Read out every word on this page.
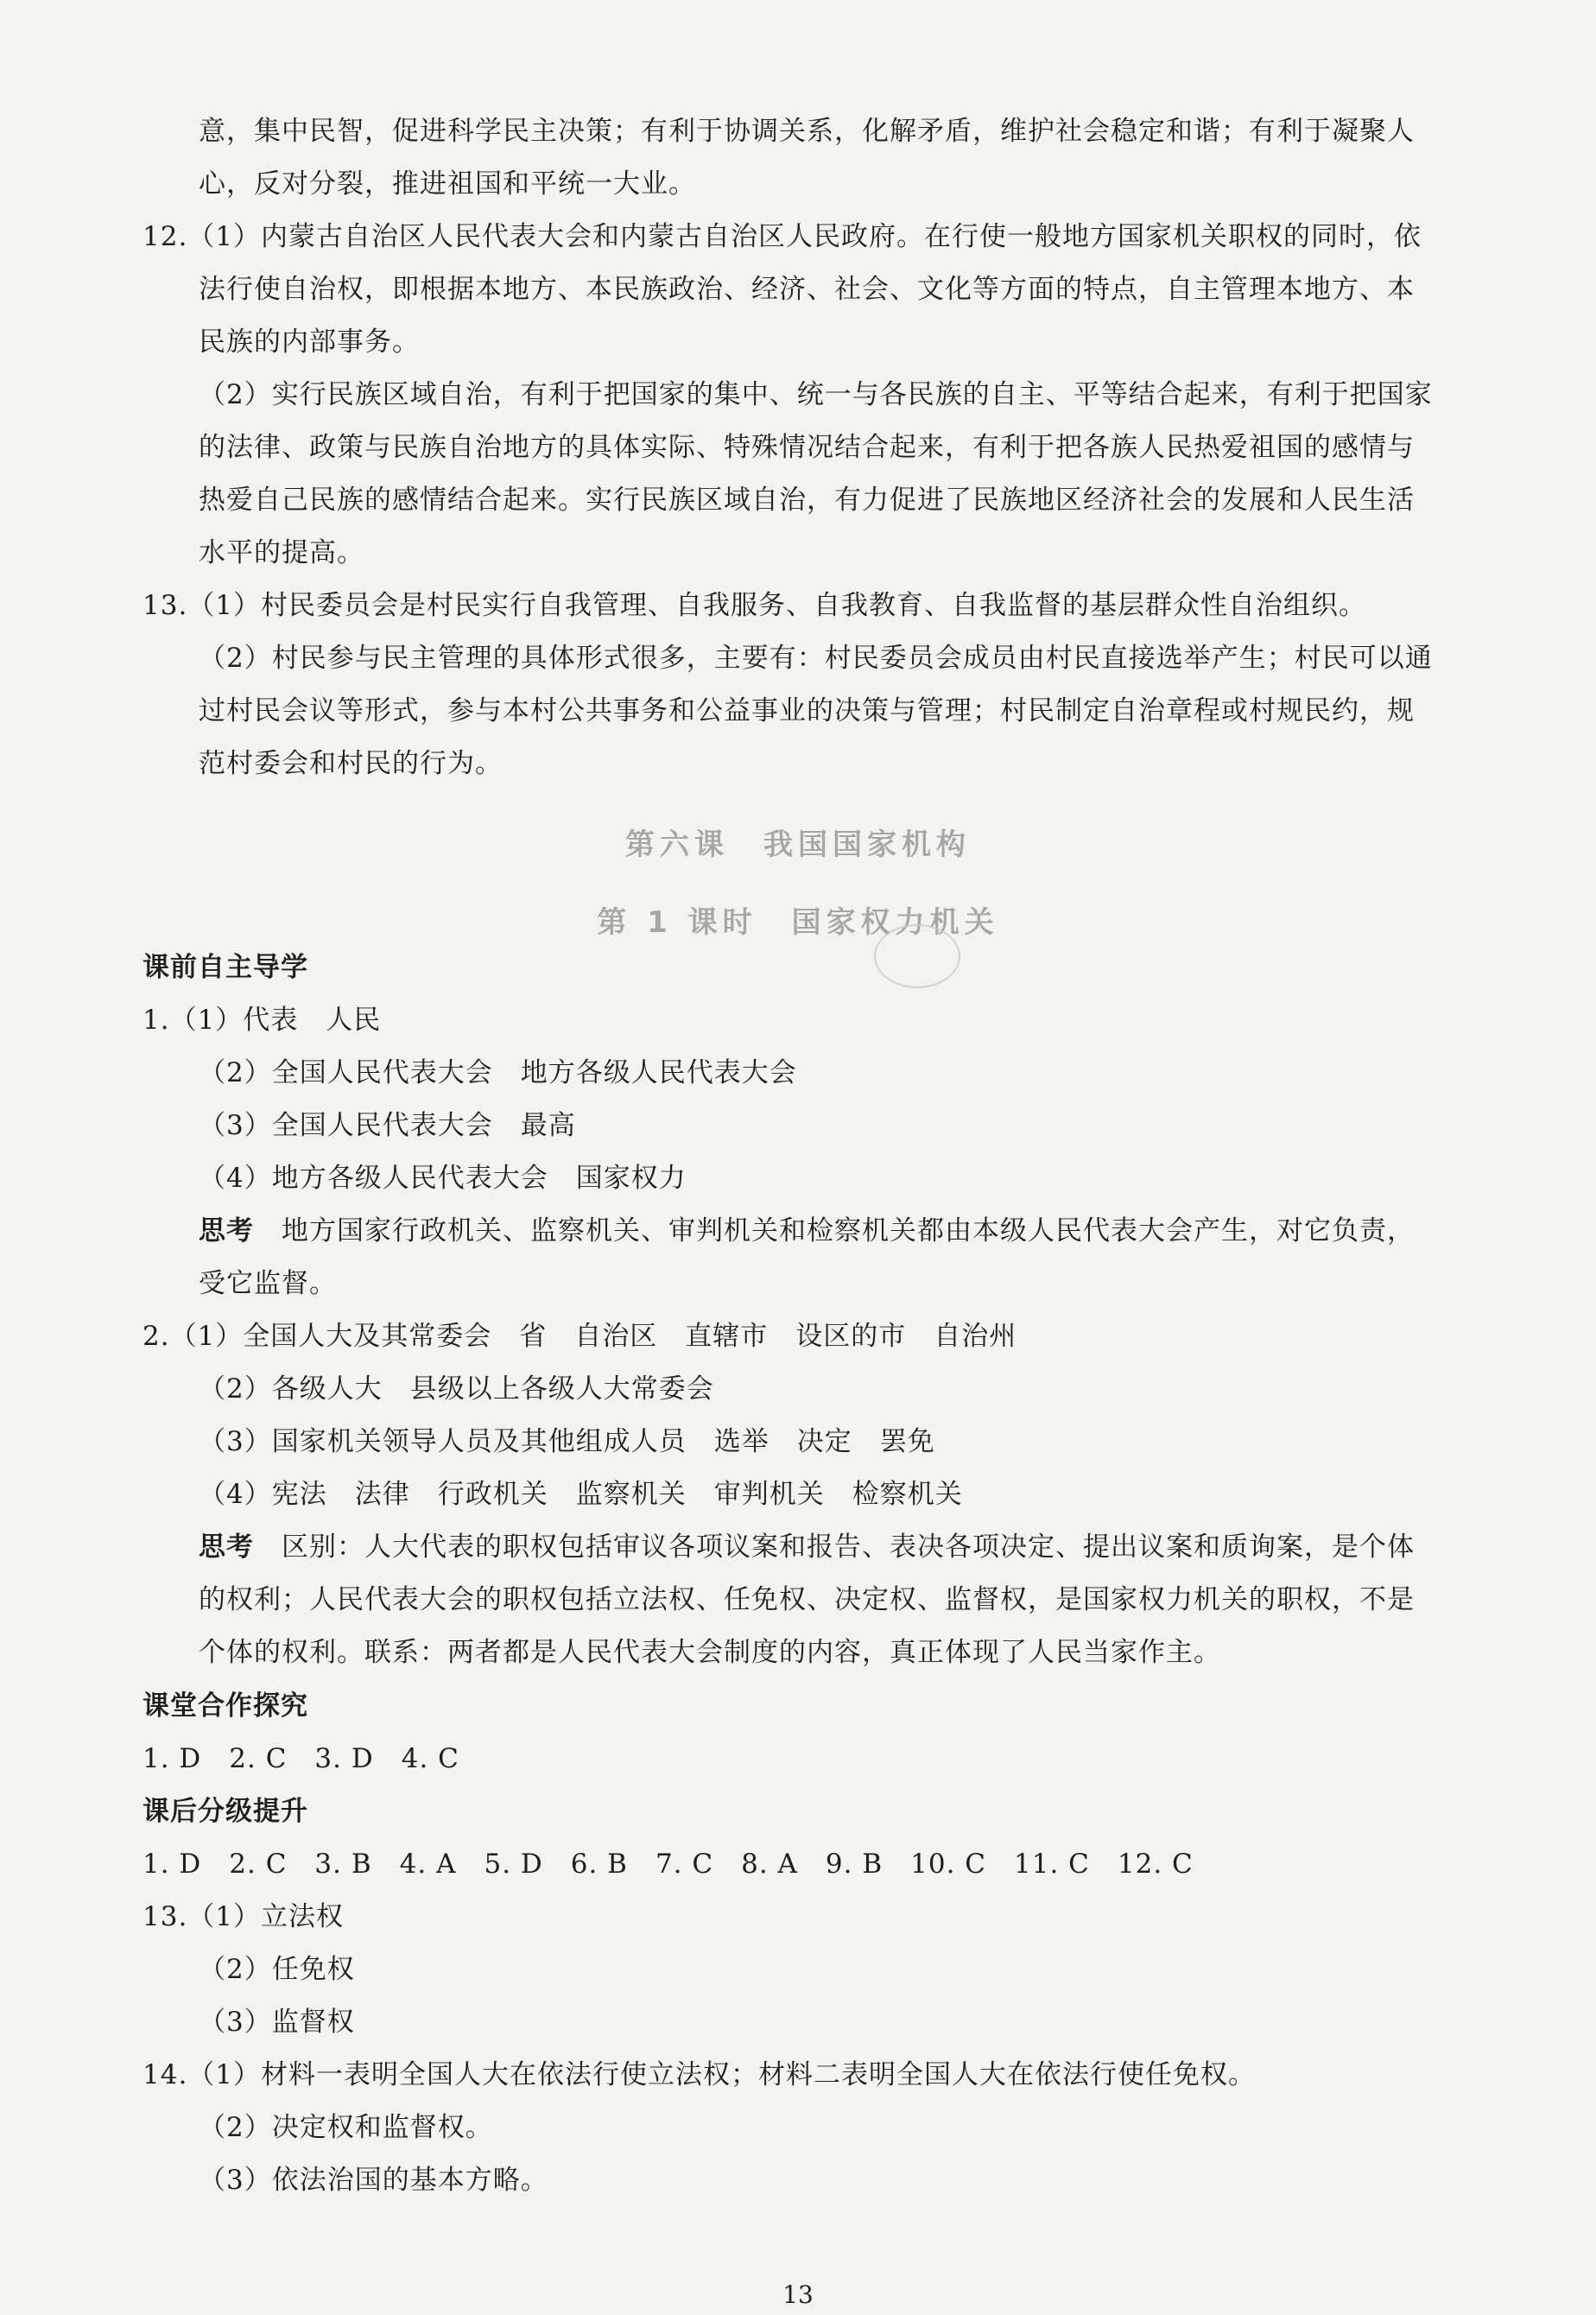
意，集中民智，促进科学民主决策；有利于协调关系，化解矛盾，维护社会稳定和谐；有利于凝聚人
心，反对分裂，推进祖国和平统一大业。
12.（1）内蒙古自治区人民代表大会和内蒙古自治区人民政府。在行使一般地方国家机关职权的同时，依
法行使自治权，即根据本地方、本民族政治、经济、社会、文化等方面的特点，自主管理本地方、本
民族的内部事务。
（2）实行民族区域自治，有利于把国家的集中、统一与各民族的自主、平等结合起来，有利于把国家
的法律、政策与民族自治地方的具体实际、特殊情况结合起来，有利于把各族人民热爱祖国的感情与
热爱自己民族的感情结合起来。实行民族区域自治，有力促进了民族地区经济社会的发展和人民生活
水平的提高。
13.（1）村民委员会是村民实行自我管理、自我服务、自我教育、自我监督的基层群众性自治组织。
（2）村民参与民主管理的具体形式很多，主要有：村民委员会成员由村民直接选举产生；村民可以通
过村民会议等形式，参与本村公共事务和公益事业的决策与管理；村民制定自治章程或村规民约，规
范村委会和村民的行为。
第六课　我国国家机构
第 1 课时　国家权力机关
课前自主导学
课堂合作探究
课后分级提升
1.（1）代表　人民
（2）全国人民代表大会　地方各级人民代表大会
（3）全国人民代表大会　最高
（4）地方各级人民代表大会　国家权力
思考　地方国家行政机关、监察机关、审判机关和检察机关都由本级人民代表大会产生，对它负责，
受它监督。
2.（1）全国人大及其常委会　省　自治区　直辖市　设区的市　自治州
（2）各级人大　县级以上各级人大常委会
（3）国家机关领导人员及其他组成人员　选举　决定　罢免
（4）宪法　法律　行政机关　监察机关　审判机关　检察机关
思考　区别：人大代表的职权包括审议各项议案和报告、表决各项决定、提出议案和质询案，是个体
的权利；人民代表大会的职权包括立法权、任免权、决定权、监督权，是国家权力机关的职权，不是
个体的权利。联系：两者都是人民代表大会制度的内容，真正体现了人民当家作主。
1. D　2. C　3. D　4. C
1. D　2. C　3. B　4. A　5. D　6. B　7. C　8. A　9. B　10. C　11. C　12. C
13.（1）立法权
（2）任免权
（3）监督权
14.（1）材料一表明全国人大在依法行使立法权；材料二表明全国人大在依法行使任免权。
（2）决定权和监督权。
（3）依法治国的基本方略。
13
